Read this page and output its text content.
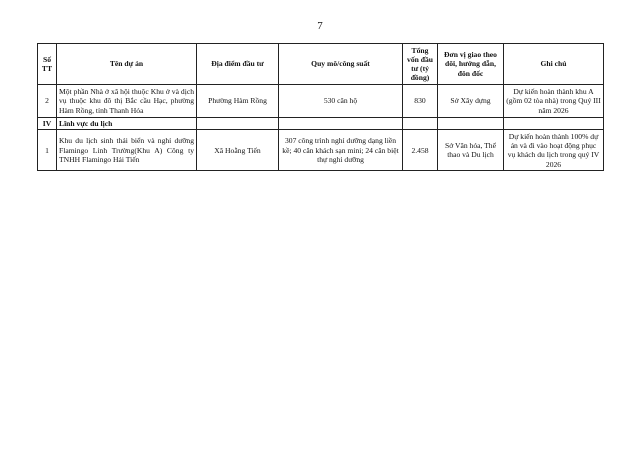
7
Số TT	Tên dự án	Địa điểm đầu tư	Quy mô/công suất	Tổng vốn đầu tư (tỷ đồng)	Đơn vị giao theo dõi, hướng dẫn, đôn đốc	Ghi chú
2	Một phần Nhà ở xã hội thuộc Khu ở và dịch vụ thuộc khu đô thị Bắc cầu Hạc, phường Hàm Rồng, tỉnh Thanh Hóa	Phường Hàm Rồng	530 căn hộ	830	Sở Xây dựng	Dự kiến hoàn thành khu A (gồm 02 tòa nhà) trong Quý III năm 2026
IV	Lĩnh vực du lịch					
1	Khu du lịch sinh thái biển và nghỉ dưỡng Flamingo Linh Trường(Khu A) Công ty TNHH Flamingo Hải Tiến	Xã Hoằng Tiến	307 công trình nghỉ dưỡng dạng liền kề; 40 căn khách sạn mini; 24 căn biệt thự nghỉ dưỡng	2.458	Sở Văn hóa, Thể thao và Du lịch	Dự kiến hoàn thành 100% dự án và đi vào hoạt động phục vụ khách du lịch trong quý IV 2026
